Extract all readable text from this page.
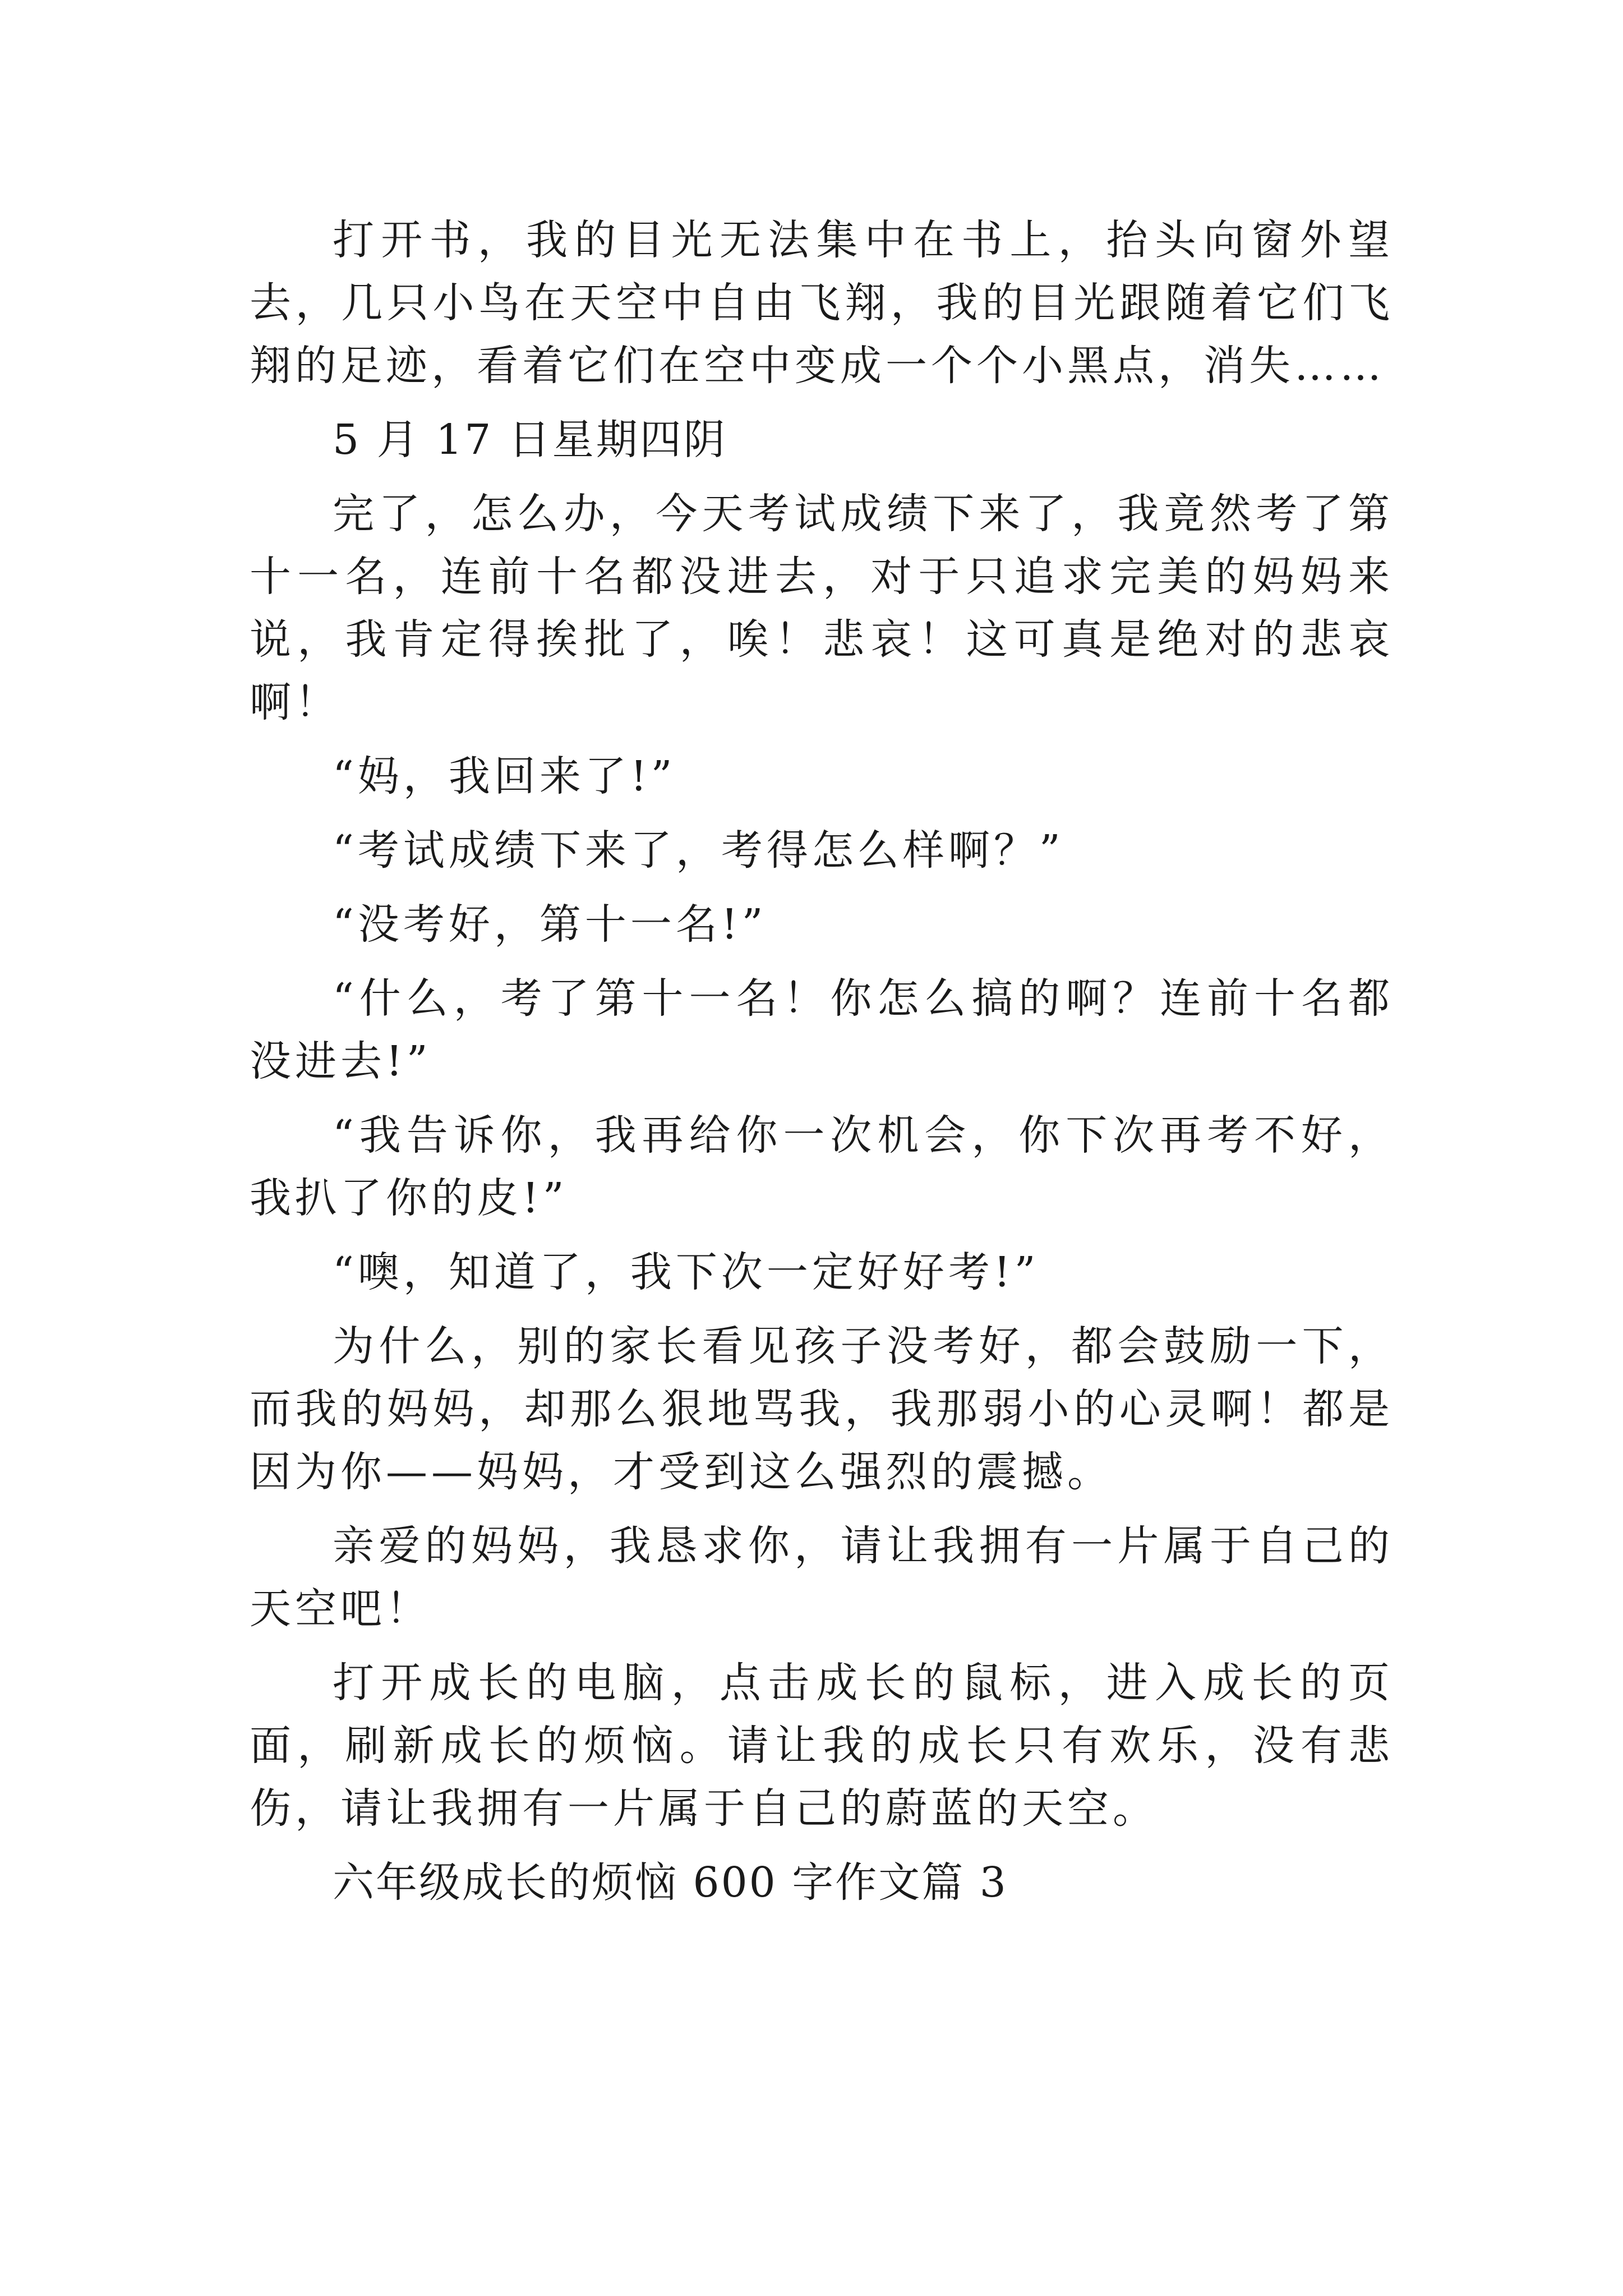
打开书，我的目光无法集中在书上，抬头向窗外望去，几只小鸟在天空中自由飞翔，我的目光跟随着它们飞翔的足迹，看着它们在空中变成一个个小黑点，消失……

5 月 17 日星期四阴

完了，怎么办，今天考试成绩下来了，我竟然考了第十一名，连前十名都没进去，对于只追求完美的妈妈来说，我肯定得挨批了，唉！悲哀！这可真是绝对的悲哀啊！

“妈，我回来了!”

“考试成绩下来了，考得怎么样啊？”

“没考好，第十一名!”

“什么，考了第十一名！你怎么搞的啊？连前十名都没进去!”

“我告诉你，我再给你一次机会，你下次再考不好，我扒了你的皮!”

“噢，知道了，我下次一定好好考!”

为什么，别的家长看见孩子没考好，都会鼓励一下，而我的妈妈，却那么狠地骂我，我那弱小的心灵啊！都是因为你——妈妈，才受到这么强烈的震撼。

亲爱的妈妈，我恳求你，请让我拥有一片属于自己的天空吧！

打开成长的电脑，点击成长的鼠标，进入成长的页面，刷新成长的烦恼。请让我的成长只有欢乐，没有悲伤，请让我拥有一片属于自己的蔚蓝的天空。

六年级成长的烦恼 600 字作文篇 3
